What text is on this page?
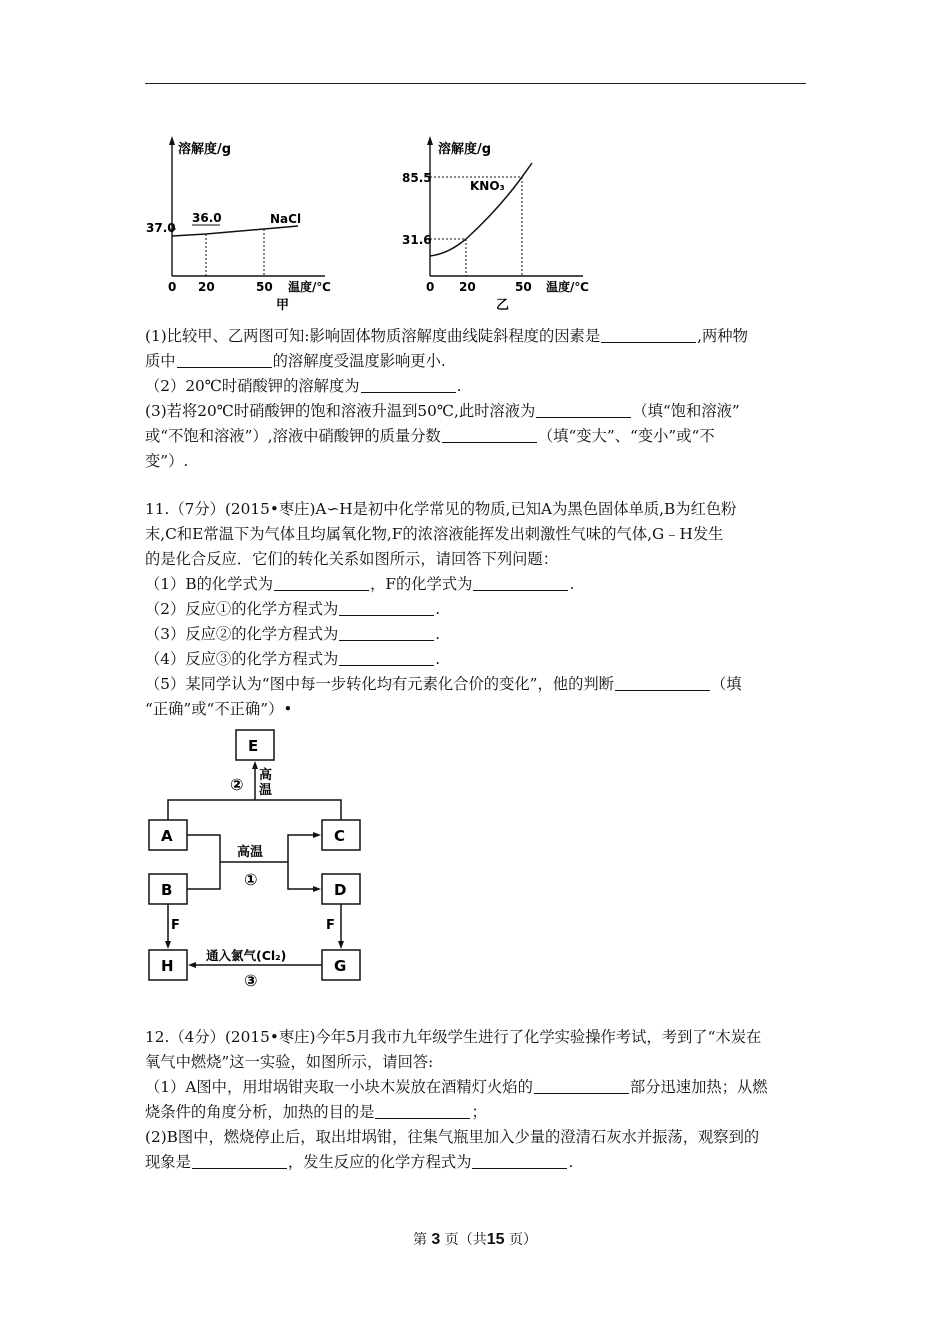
溶解度/g
37.0
36.0	NaCl
0 20	50 温度/℃
甲
溶解度/g
85.5
31.6
KNO₃
0 20	50 温度/℃
乙
(1)比较甲、乙两图可知:影响固体物质溶解度曲线陡斜程度的因素是	,两种物
质中	的溶解度受温度影响更小.
（2）20℃时硝酸钾的溶解度为	.
(3)若将20℃时硝酸钾的饱和溶液升温到50℃,此时溶液为	（填“饱和溶液”
或“不饱和溶液”）,溶液中硝酸钾的质量分数	（填“变大”、“变小”或“不
变”）.
11.（7分）(2015•枣庄)A∽H是初中化学常见的物质,已知A为黑色固体单质,B为红色粉
末,C和E常温下为气体且均属氧化物,F的浓溶液能挥发出刺激性气味的气体,G﹣H发生
的是化合反应．它们的转化关系如图所示，请回答下列问题：
（1）B的化学式为	，F的化学式为	.
（2）反应①的化学方程式为	.
（3）反应②的化学方程式为	.
（4）反应③的化学方程式为	.
（5）某同学认为“图中每一步转化均有元素化合价的变化”，他的判断	（填
“正确”或“不正确”）•
E
A
B
C
D
H	G
② 高
温
高温
①
F	F
通入氯气(Cl₂)
③
12.（4分）(2015•枣庄)今年5月我市九年级学生进行了化学实验操作考试，考到了“木炭在
氧气中燃烧”这一实验，如图所示，请回答:
（1）A图中，用坩埚钳夹取一小块木炭放在酒精灯火焰的	部分迅速加热；从燃
烧条件的角度分析，加热的目的是	；
(2)B图中，燃烧停止后，取出坩埚钳，往集气瓶里加入少量的澄清石灰水并振荡，观察到的
现象是	，发生反应的化学方程式为	.
第 3 页（共15 页）
